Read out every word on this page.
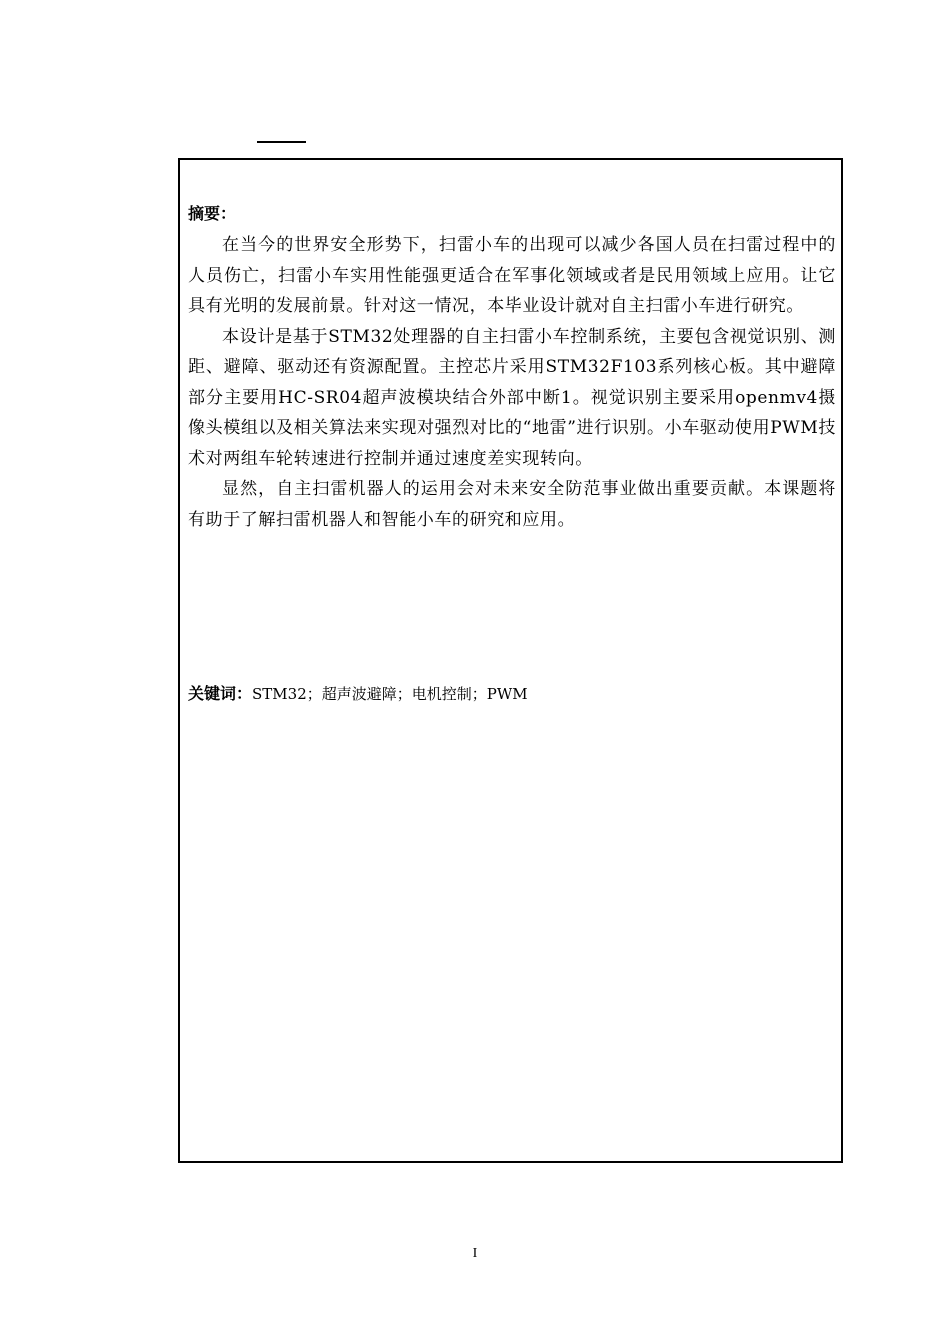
摘要：

在当今的世界安全形势下，扫雷小车的出现可以减少各国人员在扫雷过程中的人员伤亡，扫雷小车实用性能强更适合在军事化领域或者是民用领域上应用。让它具有光明的发展前景。针对这一情况，本毕业设计就对自主扫雷小车进行研究。

本设计是基于STM32处理器的自主扫雷小车控制系统，主要包含视觉识别、测距、避障、驱动还有资源配置。主控芯片采用STM32F103系列核心板。其中避障部分主要用HC-SR04超声波模块结合外部中断1。视觉识别主要采用openmv4摄像头模组以及相关算法来实现对强烈对比的“地雷”进行识别。小车驱动使用PWM技术对两组车轮转速进行控制并通过速度差实现转向。

显然，自主扫雷机器人的运用会对未来安全防范事业做出重要贡献。本课题将有助于了解扫雷机器人和智能小车的研究和应用。

关键词：STM32；超声波避障；电机控制；PWM

I
